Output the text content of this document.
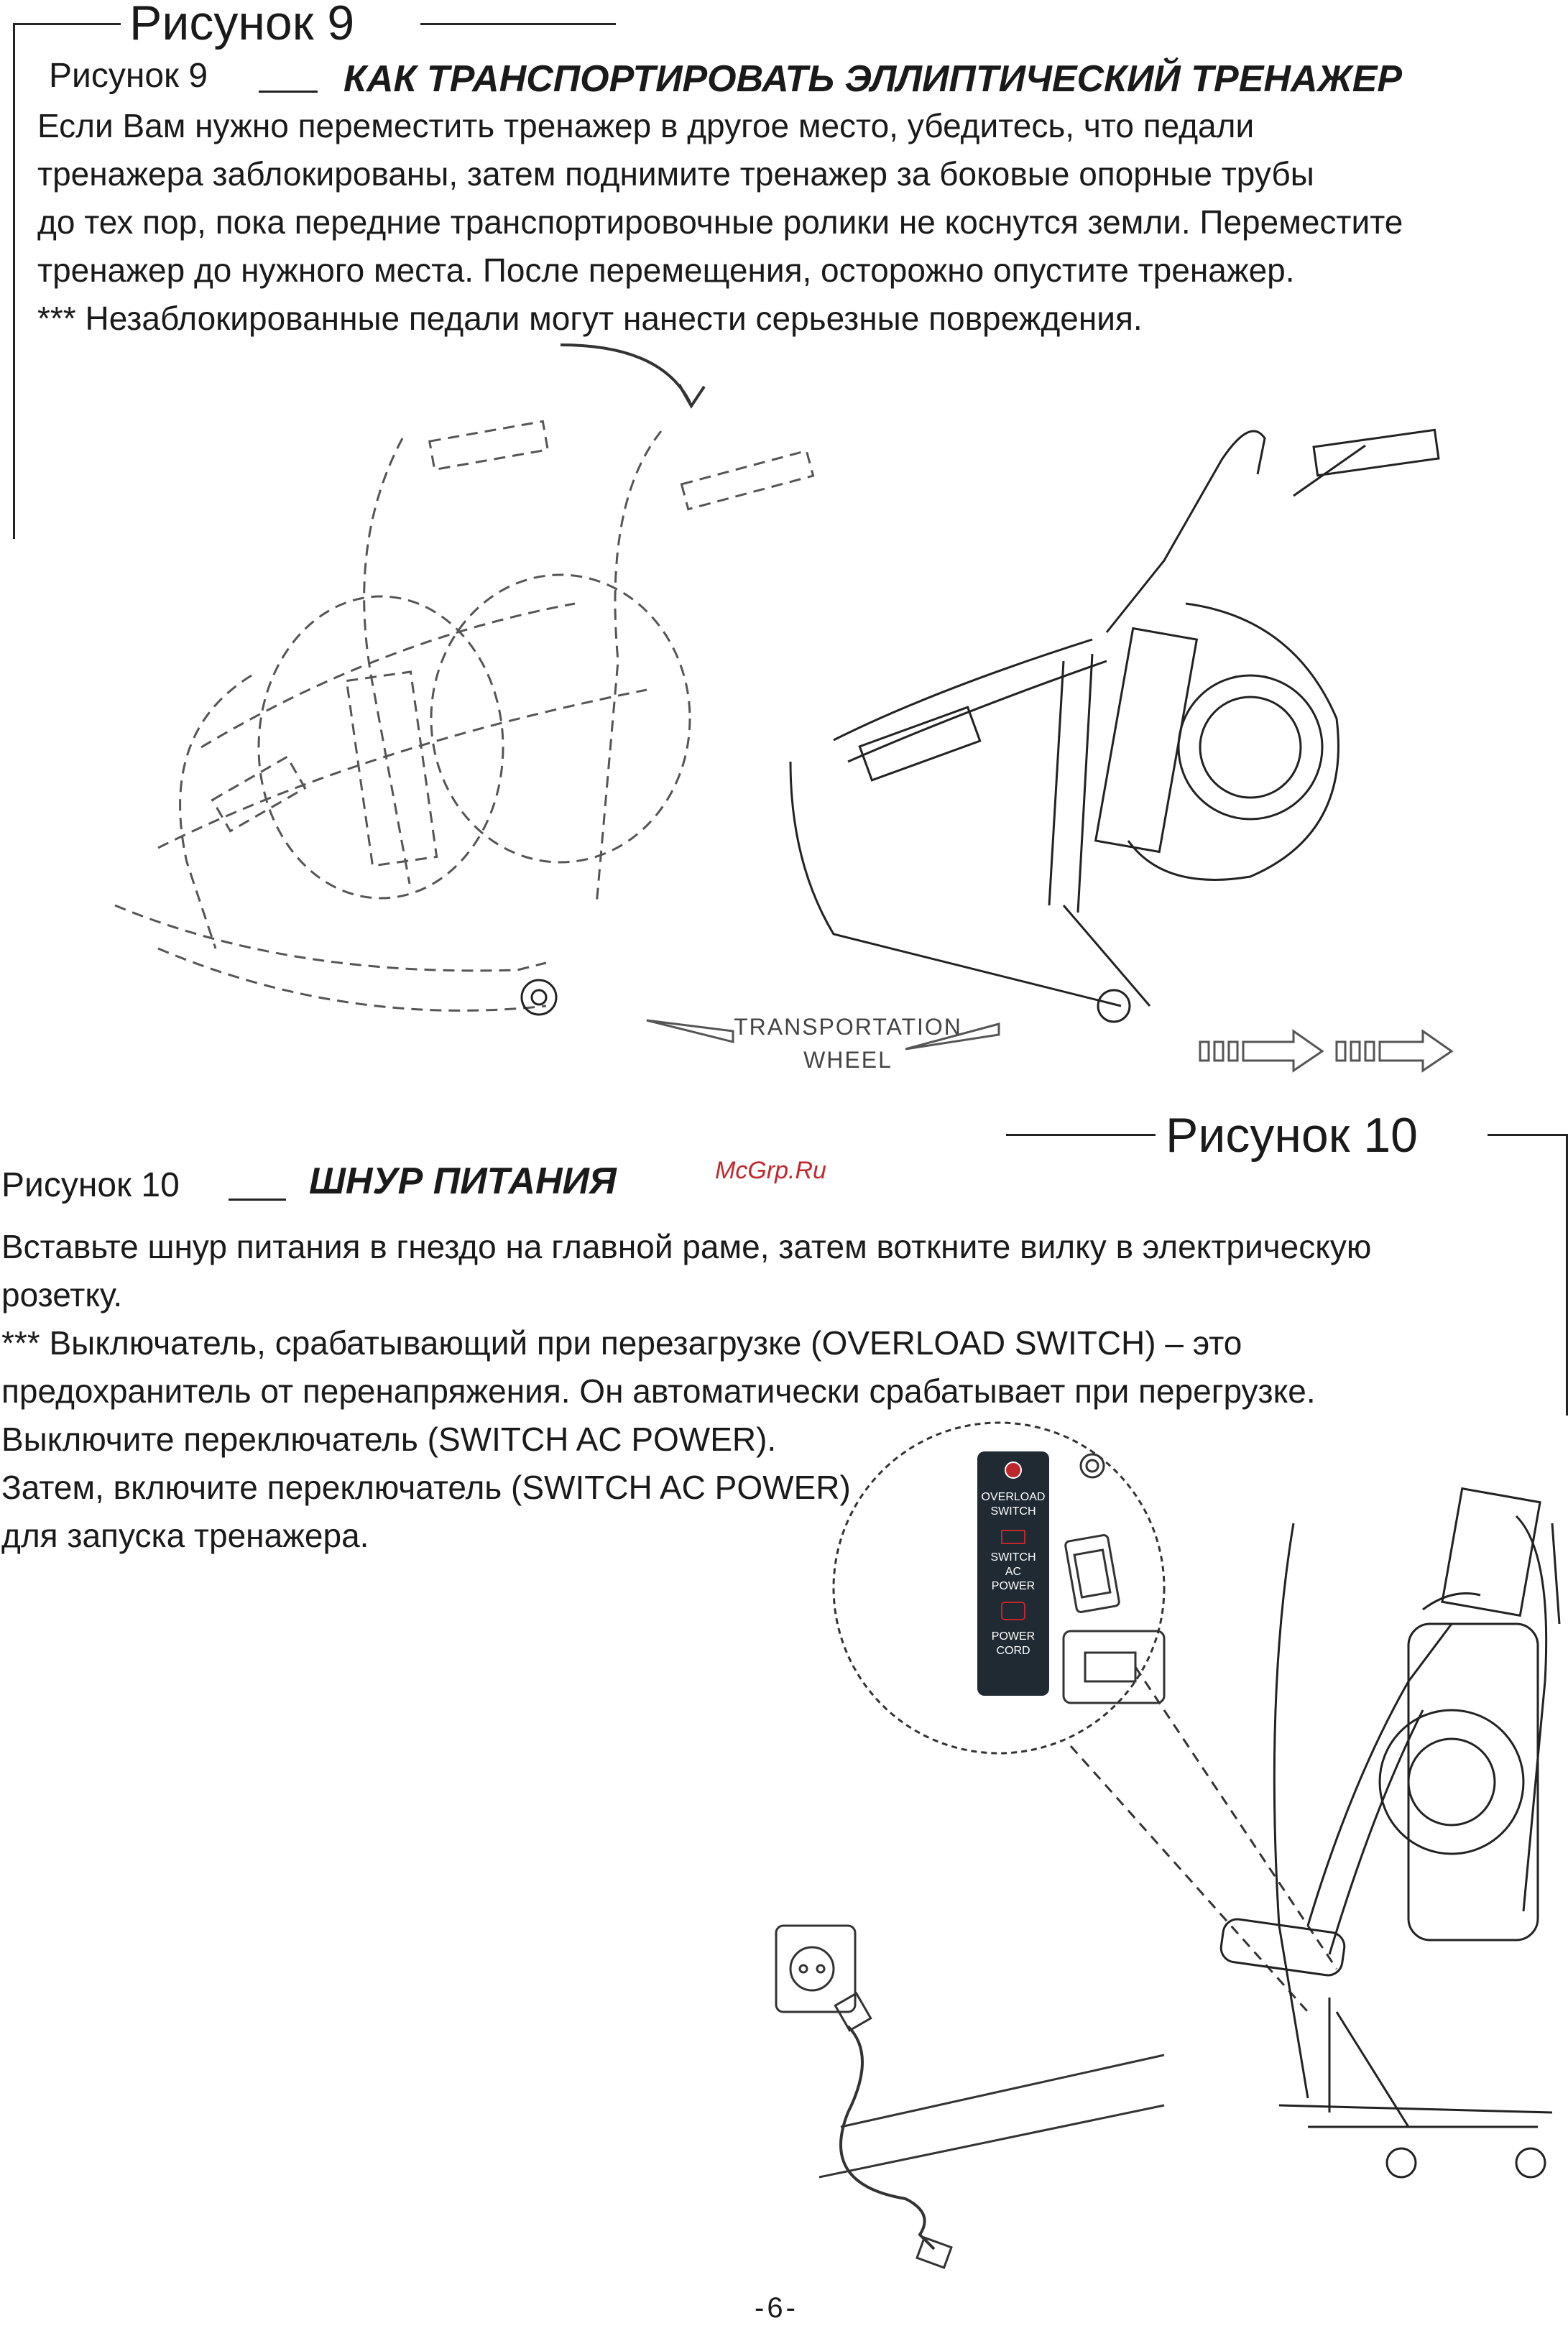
Рисунок 9
Рисунок 9	КАК ТРАНСПОРТИРОВАТЬ ЭЛЛИПТИЧЕСКИЙ ТРЕНАЖЕР
Если Вам нужно переместить тренажер в другое место, убедитесь, что педали
тренажера заблокированы, затем поднимите тренажер за боковые опорные трубы
до тех пор, пока передние транспортировочные ролики не коснутся земли. Переместите
тренажер до нужного места. После перемещения, осторожно опустите тренажер.
*** Незаблокированные педали могут нанести серьезные повреждения.
TRANSPORTATION
WHEEL
Рисунок 10
Рисунок 10	ШНУР ПИТАНИЯ	McGrp.Ru
Вставьте шнур питания в гнездо на главной раме, затем воткните вилку в электрическую
розетку.
*** Выключатель, срабатывающий при перезагрузке (OVERLOAD SWITCH) – это
предохранитель от перенапряжения. Он автоматически срабатывает при перегрузке.
Выключите переключатель (SWITCH AC POWER).
Затем, включите переключатель (SWITCH AC POWER)
для запуска тренажера.
OVERLOAD
SWITCH
SWITCH
AC
POWER
POWER
CORD
-6-
